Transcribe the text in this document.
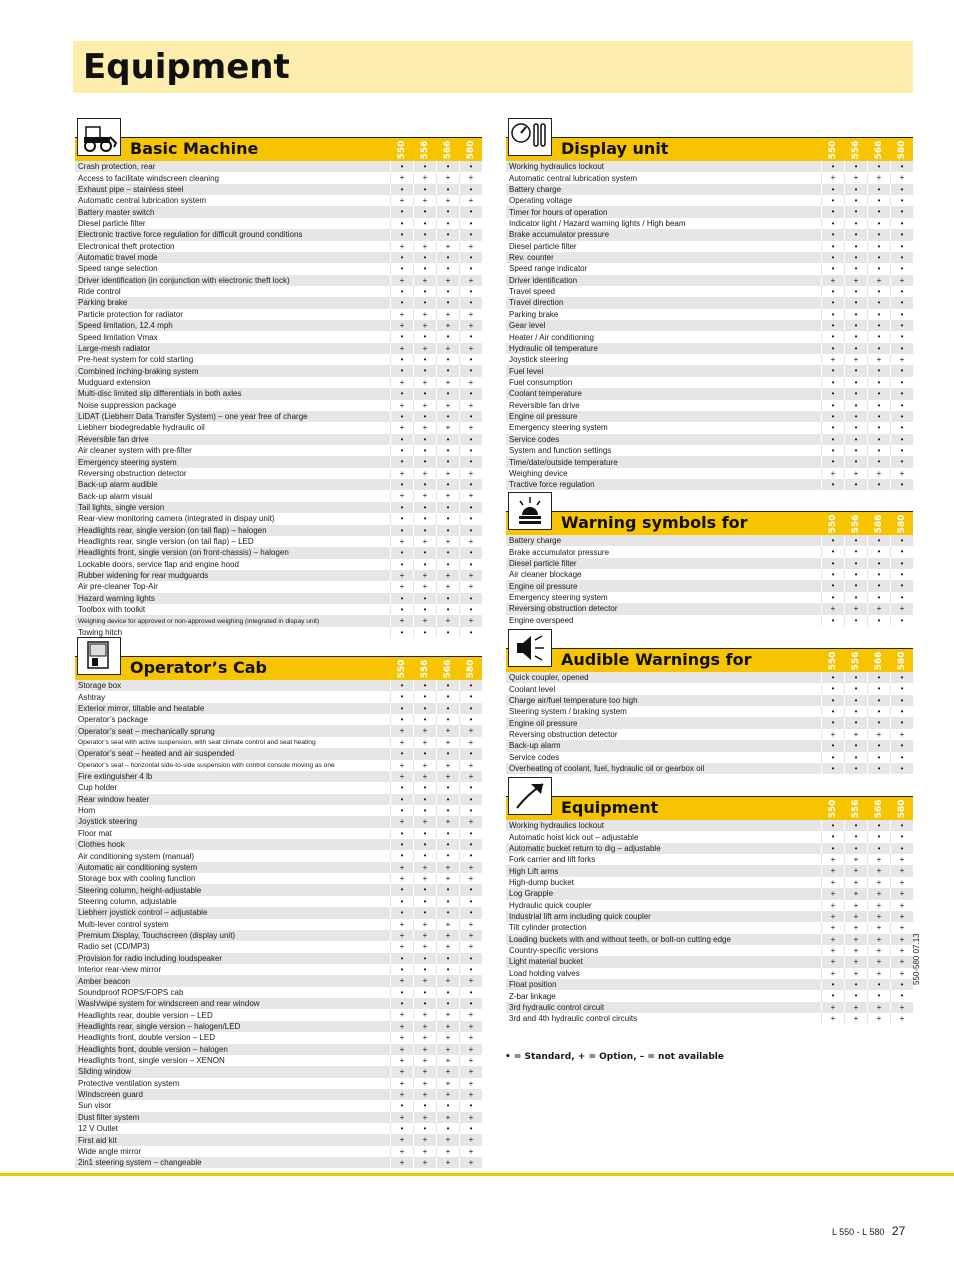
Equipment
Basic Machine	550 556 566 580
Crash protection, rear	•	•	•	•
Access to facilitate windscreen cleaning	+	+	+	+
Exhaust pipe – stainless steel	•	•	•	•
Automatic central lubrication system	+	+	+	+
Battery master switch	•	•	•	•
Diesel particle filter	•	•	•	•
Electronic tractive force regulation for difficult ground conditions	•	•	•	•
Electronical theft protection	+	+	+	+
Automatic travel mode	•	•	•	•
Speed range selection	•	•	•	•
Driver identification (in conjunction with electronic theft lock)	+	+	+	+
Ride control	•	•	•	•
Parking brake	•	•	•	•
Particle protection for radiator	+	+	+	+
Speed limitation, 12.4 mph	+	+	+	+
Speed limitation Vmax	•	•	•	•
Large-mesh radiator	+	+	+	+
Pre-heat system for cold starting	•	•	•	•
Combined inching-braking system	•	•	•	•
Mudguard extension	+	+	+	+
Multi-disc limited slip differentials in both axles	•	•	•	•
Noise suppression package	+	+	+	+
LiDAT (Liebherr Data Transfer System) – one year free of charge	•	•	•	•
Liebherr biodegredable hydraulic oil	+	+	+	+
Reversible fan drive	•	•	•	•
Air cleaner system with pre-filter	•	•	•	•
Emergency steering system	•	•	•	•
Reversing obstruction detector	+	+	+	+
Back-up alarm audible	•	•	•	•
Back-up alarm visual	+	+	+	+
Tail lights, single version	•	•	•	•
Rear-view monitoring camera (integrated in dispay unit)	•	•	•	•
Headlights rear, single version (on tail flap) – halogen	•	•	•	•
Headlights rear, single version (on tail flap) – LED	+	+	+	+
Headlights front, single version (on front-chassis) – halogen	•	•	•	•
Lockable doors, service flap and engine hood	•	•	•	•
Rubber widening for rear mudguards	+	+	+	+
Air pre-cleaner Top-Air	+	+	+	+
Hazard warning lights	•	•	•	•
Toolbox with toolkit	•	•	•	•
Weighing device for approved or non-approved weighing (integrated in dispay unit)	+	+	+	+
Towing hitch	•	•	•	•
Operator’s Cab	550 556 566 580
Storage box	•	•	•	•
Ashtray	•	•	•	•
Exterior mirror, tiltable and heatable	•	•	•	•
Operator’s package	•	•	•	•
Operator’s seat – mechanically sprung	+	+	+	+
Operator’s seat with active suspension, with seat climate control and seat heating	+	+	+	+
Operator’s seat – heated and air suspended	•	•	•	•
Operator’s seat – horizontal side-to-side suspension with control console moving as one	+	+	+	+
Fire extinguisher 4 lb	+	+	+	+
Cup holder	•	•	•	•
Rear window heater	•	•	•	•
Horn	•	•	•	•
Joystick steering	+	+	+	+
Floor mat	•	•	•	•
Clothes hook	•	•	•	•
Air conditioning system (manual)	•	•	•	•
Automatic air conditioning system	+	+	+	+
Storage box with cooling function	+	+	+	+
Steering column, height-adjustable	•	•	•	•
Steering column, adjustable	•	•	•	•
Liebherr joystick control – adjustable	•	•	•	•
Multi-lever control system	+	+	+	+
Premium Display, Touchscreen (display unit)	+	+	+	+
Radio set (CD/MP3)	+	+	+	+
Provision for radio including loudspeaker	•	•	•	•
Interior rear-view mirror	•	•	•	•
Amber beacon	+	+	+	+
Soundproof ROPS/FOPS cab	•	•	•	•
Wash/wipe system for windscreen and rear window	•	•	•	•
Headlights rear, double version – LED	+	+	+	+
Headlights rear, single version – halogen/LED	+	+	+	+
Headlights front, double version – LED	+	+	+	+
Headlights front, double version – halogen	+	+	+	+
Headlights front, single version – XENON	+	+	+	+
Sliding window	+	+	+	+
Protective ventilation system	+	+	+	+
Windscreen guard	+	+	+	+
Sun visor	•	•	•	•
Dust filter system	+	+	+	+
12 V Outlet	•	•	•	•
First aid kit	+	+	+	+
Wide angle mirror	+	+	+	+
2in1 steering system – changeable	+	+	+	+
Display unit	550 556 566 580
Working hydraulics lockout	•	•	•	•
Automatic central lubrication system	+	+	+	+
Battery charge	•	•	•	•
Operating voltage	•	•	•	•
Timer for hours of operation	•	•	•	•
Indicator light / Hazard warning lights / High beam	•	•	•	•
Brake accumulator pressure	•	•	•	•
Diesel particle filter	•	•	•	•
Rev. counter	•	•	•	•
Speed range indicator	•	•	•	•
Driver identification	+	+	+	+
Travel speed	•	•	•	•
Travel direction	•	•	•	•
Parking brake	•	•	•	•
Gear level	•	•	•	•
Heater / Air conditioning	•	•	•	•
Hydraulic oil temperature	•	•	•	•
Joystick steering	+	+	+	+
Fuel level	•	•	•	•
Fuel consumption	•	•	•	•
Coolant temperature	•	•	•	•
Reversible fan drive	•	•	•	•
Engine oil pressure	•	•	•	•
Emergency steering system	•	•	•	•
Service codes	•	•	•	•
System and function settings	•	•	•	•
Time/date/outside temperature	•	•	•	•
Weighing device	+	+	+	+
Tractive force regulation	•	•	•	•
Warning symbols for	550 556 566 580
Battery charge	•	•	•	•
Brake accumulator pressure	•	•	•	•
Diesel particle filter	•	•	•	•
Air cleaner blockage	•	•	•	•
Engine oil pressure	•	•	•	•
Emergency steering system	•	•	•	•
Reversing obstruction detector	+	+	+	+
Engine overspeed	•	•	•	•
Audible Warnings for	550 556 566 580
Quick coupler, opened	•	•	•	•
Coolant level	•	•	•	•
Charge air/fuel temperature too high	•	•	•	•
Steering system / braking system	•	•	•	•
Engine oil pressure	•	•	•	•
Reversing obstruction detector	+	+	+	+
Back-up alarm	•	•	•	•
Service codes	•	•	•	•
Overheating of coolant, fuel, hydraulic oil or gearbox oil	•	•	•	•
Equipment	550 556 566 580
Working hydraulics lockout	•	•	•	•
Automatic hoist kick out – adjustable	•	•	•	•
Automatic bucket return to dig – adjustable	•	•	•	•
Fork carrier and lift forks	+	+	+	+
High Lift arms	+	+	+	+
High-dump bucket	+	+	+	+
Log Grapple	+	+	+	+
Hydraulic quick coupler	+	+	+	+
Industrial lift arm including quick coupler	+	+	+	+
Tilt cylinder protection	+	+	+	+
Loading buckets with and without teeth, or bolt-on cutting edge	+	+	+	+
Country-specific versions	+	+	+	+
Light material bucket	+	+	+	+
Load holding valves	+	+	+	+
Float position	•	•	•	•
Z-bar linkage	•	•	•	•
3rd hydraulic control circuit	+	+	+	+
3rd and 4th hydraulic control circuits	+	+	+	+
• = Standard, + = Option, – = not available
550-580 07.13
L 550 - L 580 27
